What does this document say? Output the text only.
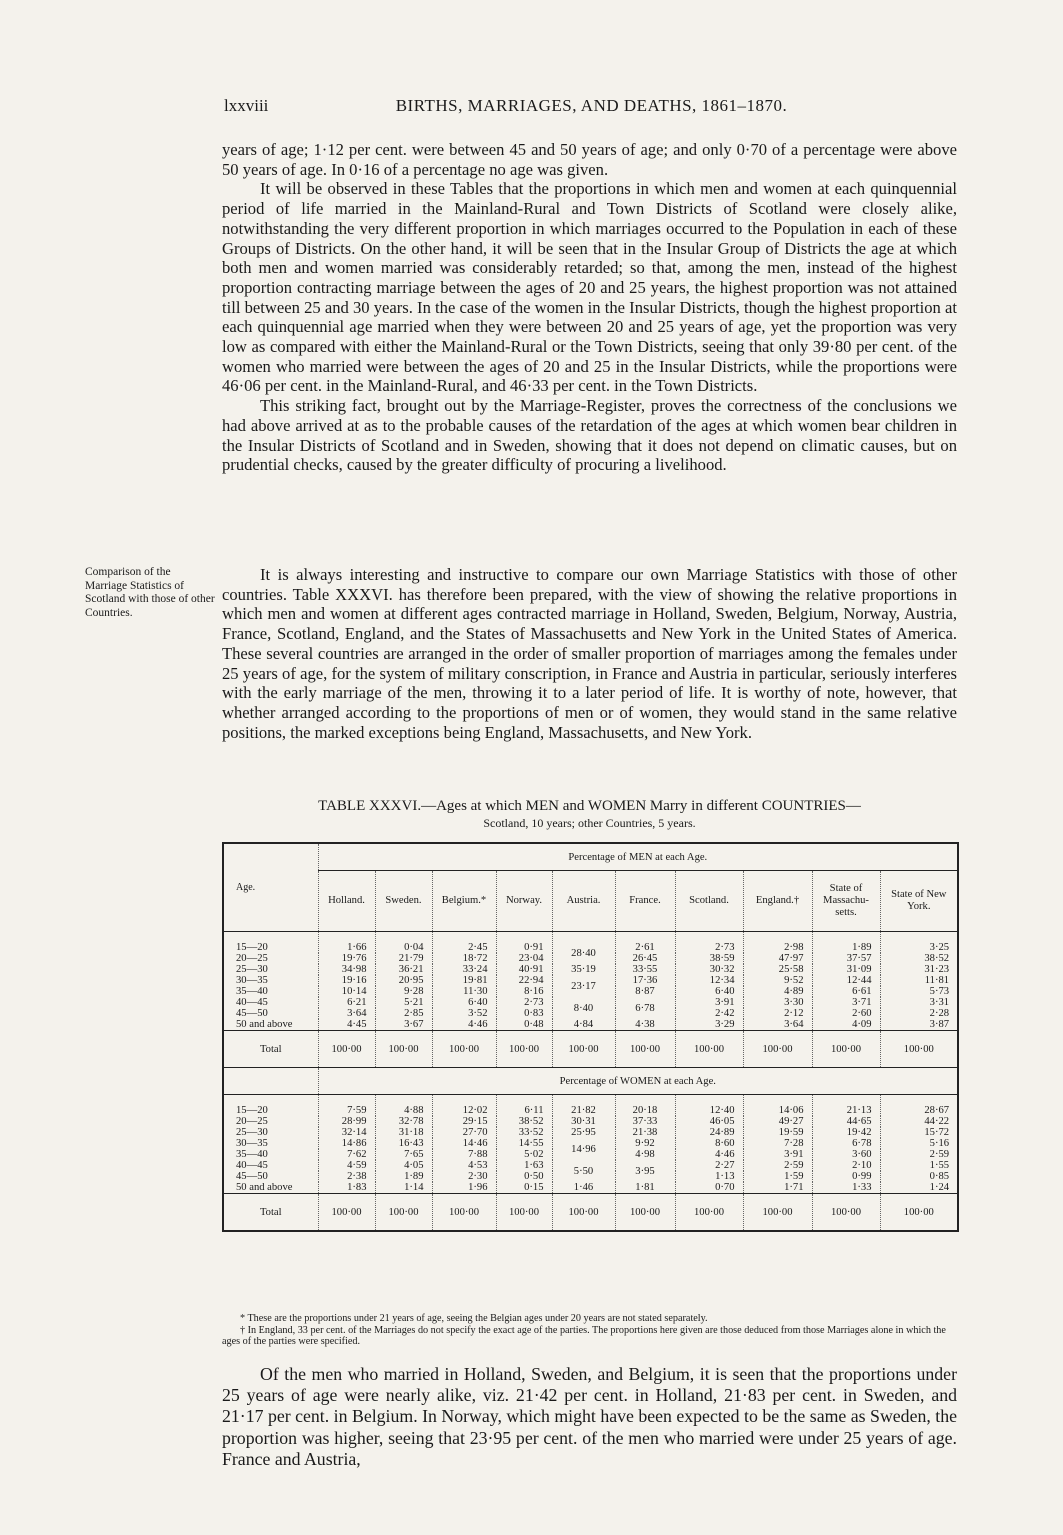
lxxviii	BIRTHS, MARRIAGES, AND DEATHS, 1861–1870.

years of age; 1·12 per cent. were between 45 and 50 years of age; and only 0·70 of a percentage were above 50 years of age. In 0·16 of a percentage no age was given.

It will be observed in these Tables that the proportions in which men and women at each quinquennial period of life married in the Mainland-Rural and Town Districts of Scotland were closely alike, notwithstanding the very different proportion in which marriages occurred to the Population in each of these Groups of Districts. On the other hand, it will be seen that in the Insular Group of Districts the age at which both men and women married was considerably retarded; so that, among the men, instead of the highest proportion contracting marriage between the ages of 20 and 25 years, the highest proportion was not attained till between 25 and 30 years. In the case of the women in the Insular Districts, though the highest proportion at each quinquennial age married when they were between 20 and 25 years of age, yet the proportion was very low as compared with either the Mainland-Rural or the Town Districts, seeing that only 39·80 per cent. of the women who married were between the ages of 20 and 25 in the Insular Districts, while the proportions were 46·06 per cent. in the Mainland-Rural, and 46·33 per cent. in the Town Districts.

This striking fact, brought out by the Marriage-Register, proves the correctness of the conclusions we had above arrived at as to the probable causes of the retardation of the ages at which women bear children in the Insular Districts of Scotland and in Sweden, showing that it does not depend on climatic causes, but on prudential checks, caused by the greater difficulty of procuring a livelihood.

Comparison of the Marriage Statistics of Scotland with those of other Countries.

It is always interesting and instructive to compare our own Marriage Statistics with those of other countries. Table XXXVI. has therefore been prepared, with the view of showing the relative proportions in which men and women at different ages contracted marriage in Holland, Sweden, Belgium, Norway, Austria, France, Scotland, England, and the States of Massachusetts and New York in the United States of America. These several countries are arranged in the order of smaller proportion of marriages among the females under 25 years of age, for the system of military conscription, in France and Austria in particular, seriously interferes with the early marriage of the men, throwing it to a later period of life. It is worthy of note, however, that whether arranged according to the proportions of men or of women, they would stand in the same relative positions, the marked exceptions being England, Massachusetts, and New York.

TABLE XXXVI.—Ages at which MEN and WOMEN Marry in different COUNTRIES—
Scotland, 10 years; other Countries, 5 years.
Age.	Percentage of MEN at each Age.									
	Holland.	Sweden.	Belgium.*	Norway.	Austria.	France.	Scotland.	England.†	State of Massachu-setts.	State of New York.
15—20	1·66	0·04	2·45	0·91	28·40	2·61	2·73	2·98	1·89	3·25
20—25	19·76	21·79	18·72	23·04		26·45	38·59	47·97	37·57	38·52
25—30	34·98	36·21	33·24	40·91	35·19	33·55	30·32	25·58	31·09	31·23
30—35	19·16	20·95	19·81	22·94	23·17	17·36	12·34	9·52	12·44	11·81
35—40	10·14	9·28	11·30	8·16		8·87	6·40	4·89	6·61	5·73
40—45	6·21	5·21	6·40	2·73	8·40	6·78	3·91	3·30	3·71	3·31
45—50	3·64	2·85	3·52	0·83			2·42	2·12	2·60	2·28
50 and above	4·45	3·67	4·46	0·48	4·84	4·38	3·29	3·64	4·09	3·87
Total	100·00	100·00	100·00	100·00	100·00	100·00	100·00	100·00	100·00	100·00
	Percentage of WOMEN at each Age.									
15—20	7·59	4·88	12·02	6·11	21·82	20·18	12·40	14·06	21·13	28·67
20—25	28·99	32·78	29·15	38·52	30·31	37·33	46·05	49·27	44·65	44·22
25—30	32·14	31·18	27·70	33·52	25·95	21·38	24·89	19·59	19·42	15·72
30—35	14·86	16·43	14·46	14·55	14·96	9·92	8·60	7·28	6·78	5·16
35—40	7·62	7·65	7·88	5·02		4·98	4·46	3·91	3·60	2·59
40—45	4·59	4·05	4·53	1·63	5·50	3·95	2·27	2·59	2·10	1·55
45—50	2·38	1·89	2·30	0·50			1·13	1·59	0·99	0·85
50 and above	1·83	1·14	1·96	0·15	1·46	1·81	0·70	1·71	1·33	1·24
Total	100·00	100·00	100·00	100·00	100·00	100·00	100·00	100·00	100·00	100·00

* These are the proportions under 21 years of age, seeing the Belgian ages under 20 years are not stated separately.

† In England, 33 per cent. of the Marriages do not specify the exact age of the parties. The proportions here given are those deduced from those Marriages alone in which the ages of the parties were specified.

Of the men who married in Holland, Sweden, and Belgium, it is seen that the proportions under 25 years of age were nearly alike, viz. 21·42 per cent. in Holland, 21·83 per cent. in Sweden, and 21·17 per cent. in Belgium. In Norway, which might have been expected to be the same as Sweden, the proportion was higher, seeing that 23·95 per cent. of the men who married were under 25 years of age. France and Austria,
